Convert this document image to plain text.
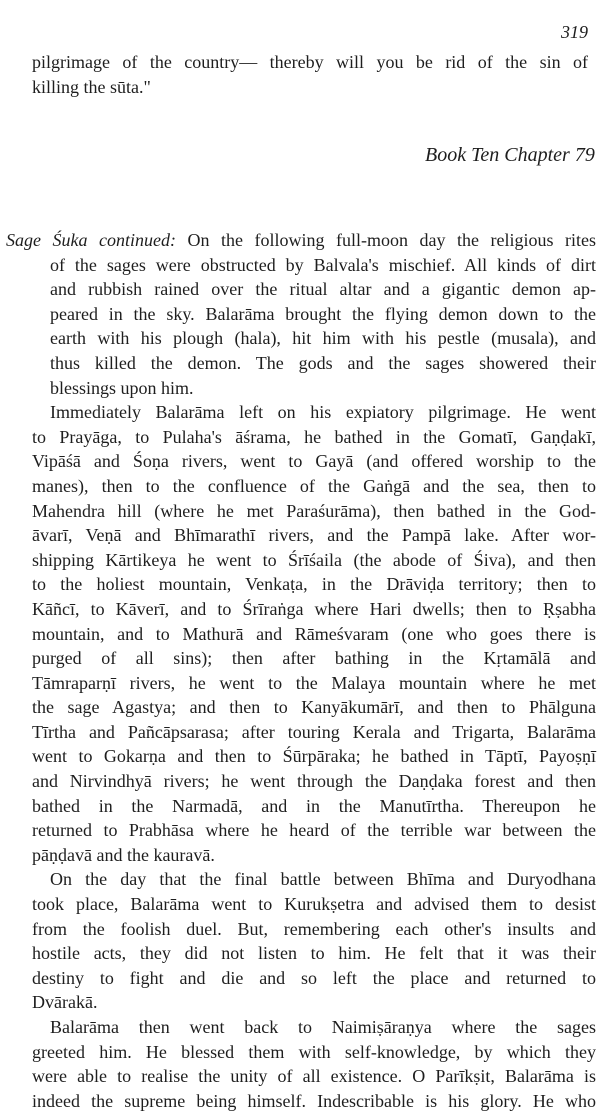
319

pilgrimage of the country— thereby will you be rid of the sin of

killing the sūta."

Book Ten Chapter 79

Sage Śuka continued: On the following full-moon day the religious rites

of the sages were obstructed by Balvala's mischief. All kinds of dirt

and rubbish rained over the ritual altar and a gigantic demon ap-

peared in the sky. Balarāma brought the flying demon down to the

earth with his plough (hala), hit him with his pestle (musala), and

thus killed the demon. The gods and the sages showered their

blessings upon him.

Immediately Balarāma left on his expiatory pilgrimage. He went

to Prayāga, to Pulaha's āśrama, he bathed in the Gomatī, Gaṇḍakī,

Vipāśā and Śoṇa rivers, went to Gayā (and offered worship to the

manes), then to the confluence of the Gaṅgā and the sea, then to

Mahendra hill (where he met Paraśurāma), then bathed in the God-

āvarī, Veṇā and Bhīmarathī rivers, and the Pampā lake. After wor-

shipping Kārtikeya he went to Śrīśaila (the abode of Śiva), and then

to the holiest mountain, Venkaṭa, in the Drāviḍa territory; then to

Kāñcī, to Kāverī, and to Śrīraṅga where Hari dwells; then to Ṛṣabha

mountain, and to Mathurā and Rāmeśvaram (one who goes there is

purged of all sins); then after bathing in the Kṛtamālā and

Tāmraparṇī rivers, he went to the Malaya mountain where he met

the sage Agastya; and then to Kanyākumārī, and then to Phālguna

Tīrtha and Pañcāpsarasa; after touring Kerala and Trigarta, Balarāma

went to Gokarṇa and then to Śūrpāraka; he bathed in Tāptī, Payoṣṇī

and Nirvindhyā rivers; he went through the Daṇḍaka forest and then

bathed in the Narmadā, and in the Manutīrtha. Thereupon he

returned to Prabhāsa where he heard of the terrible war between the

pāṇḍavā and the kauravā.

On the day that the final battle between Bhīma and Duryodhana

took place, Balarāma went to Kurukṣetra and advised them to desist

from the foolish duel. But, remembering each other's insults and

hostile acts, they did not listen to him. He felt that it was their

destiny to fight and die and so left the place and returned to

Dvārakā.

Balarāma then went back to Naimiṣāraṇya where the sages

greeted him. He blessed them with self-knowledge, by which they

were able to realise the unity of all existence. O Parīkṣit, Balarāma is

indeed the supreme being himself. Indescribable is his glory. He who
